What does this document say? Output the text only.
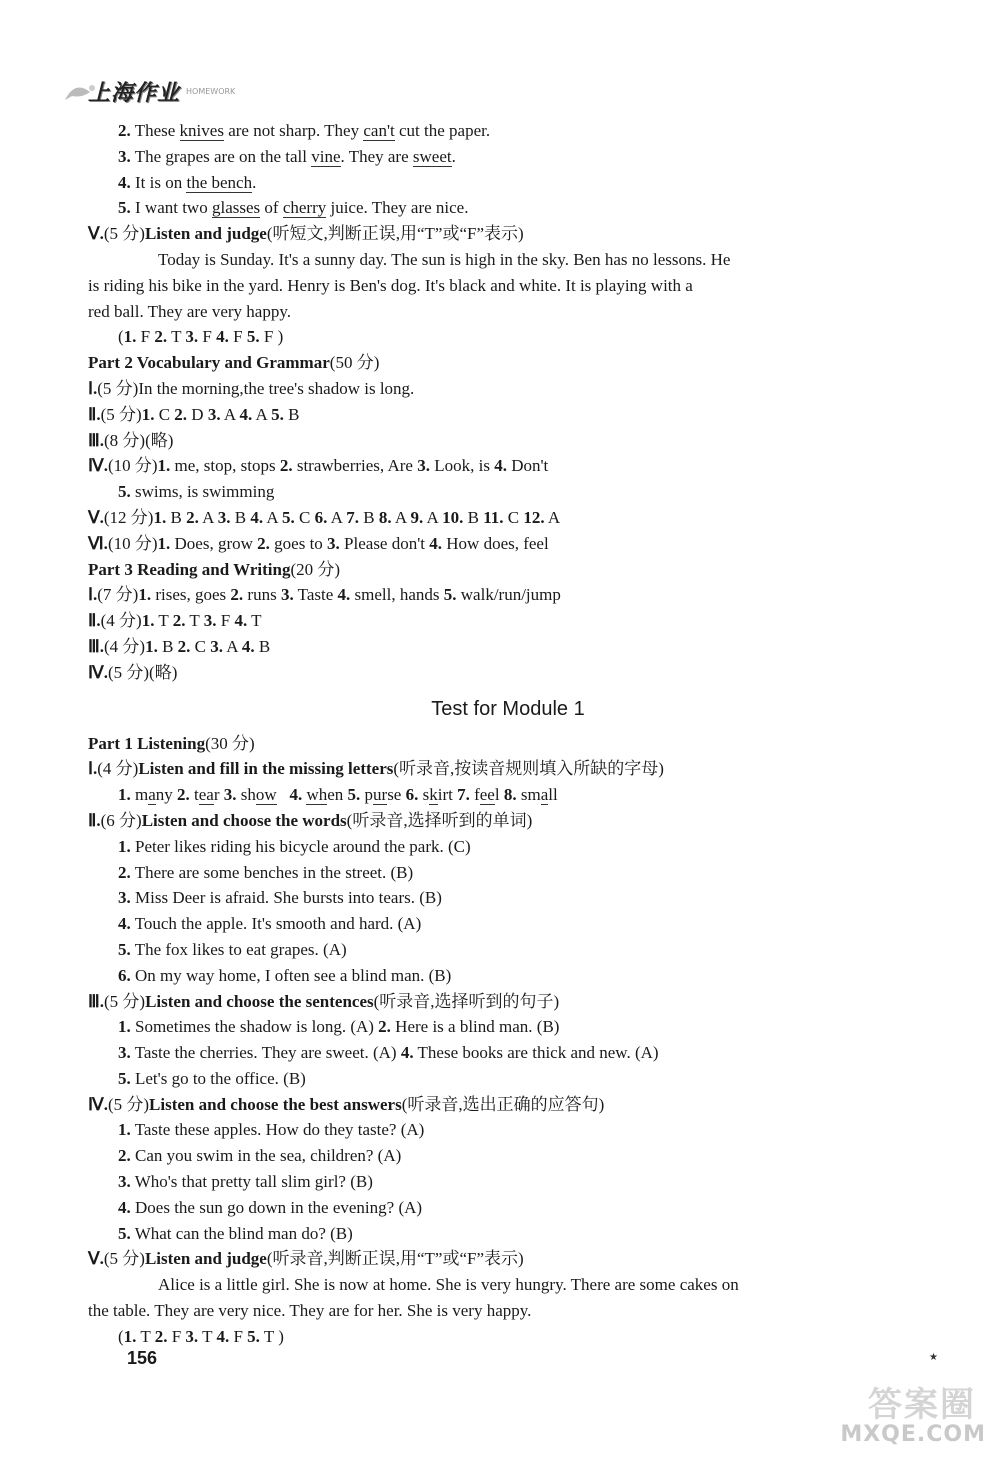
上海作业 HOMEWORK
2. These knives are not sharp. They can't cut the paper.
3. The grapes are on the tall vine. They are sweet.
4. It is on the bench.
5. I want two glasses of cherry juice. They are nice.
Ⅴ.(5 分)Listen and judge(听短文,判断正误,用“T”或“F”表示)
Today is Sunday. It's a sunny day. The sun is high in the sky. Ben has no lessons. He
is riding his bike in the yard. Henry is Ben's dog. It's black and white. It is playing with a
red ball. They are very happy.
(1. F 2. T 3. F 4. F 5. F )
Part 2 Vocabulary and Grammar(50 分)
Ⅰ.(5 分)In the morning,the tree's shadow is long.
Ⅱ.(5 分)1. C 2. D 3. A 4. A 5. B
Ⅲ.(8 分)(略)
Ⅳ.(10 分)1. me, stop, stops 2. strawberries, Are 3. Look, is 4. Don't
5. swims, is swimming
Ⅴ.(12 分)1. B 2. A 3. B 4. A 5. C 6. A 7. B 8. A 9. A 10. B 11. C 12. A
Ⅵ.(10 分)1. Does, grow 2. goes to 3. Please don't 4. How does, feel
Part 3 Reading and Writing(20 分)
Ⅰ.(7 分)1. rises, goes 2. runs 3. Taste 4. smell, hands 5. walk/run/jump
Ⅱ.(4 分)1. T 2. T 3. F 4. T
Ⅲ.(4 分)1. B 2. C 3. A 4. B
Ⅳ.(5 分)(略)
Test for Module 1
Part 1 Listening(30 分)
Ⅰ.(4 分)Listen and fill in the missing letters(听录音,按读音规则填入所缺的字母)
1. many 2. tear 3. show 4. when 5. purse 6. skirt 7. feel 8. small
Ⅱ.(6 分)Listen and choose the words(听录音,选择听到的单词)
1. Peter likes riding his bicycle around the park. (C)
2. There are some benches in the street. (B)
3. Miss Deer is afraid. She bursts into tears. (B)
4. Touch the apple. It's smooth and hard. (A)
5. The fox likes to eat grapes. (A)
6. On my way home, I often see a blind man. (B)
Ⅲ.(5 分)Listen and choose the sentences(听录音,选择听到的句子)
1. Sometimes the shadow is long. (A) 2. Here is a blind man. (B)
3. Taste the cherries. They are sweet. (A) 4. These books are thick and new. (A)
5. Let's go to the office. (B)
Ⅳ.(5 分)Listen and choose the best answers(听录音,选出正确的应答句)
1. Taste these apples. How do they taste? (A)
2. Can you swim in the sea, children? (A)
3. Who's that pretty tall slim girl? (B)
4. Does the sun go down in the evening? (A)
5. What can the blind man do? (B)
Ⅴ.(5 分)Listen and judge(听录音,判断正误,用“T”或“F”表示)
Alice is a little girl. She is now at home. She is very hungry. There are some cakes on
the table. They are very nice. They are for her. She is very happy.
(1. T 2. F 3. T 4. F 5. T )
156	★
答案圈
MXQE.COM
